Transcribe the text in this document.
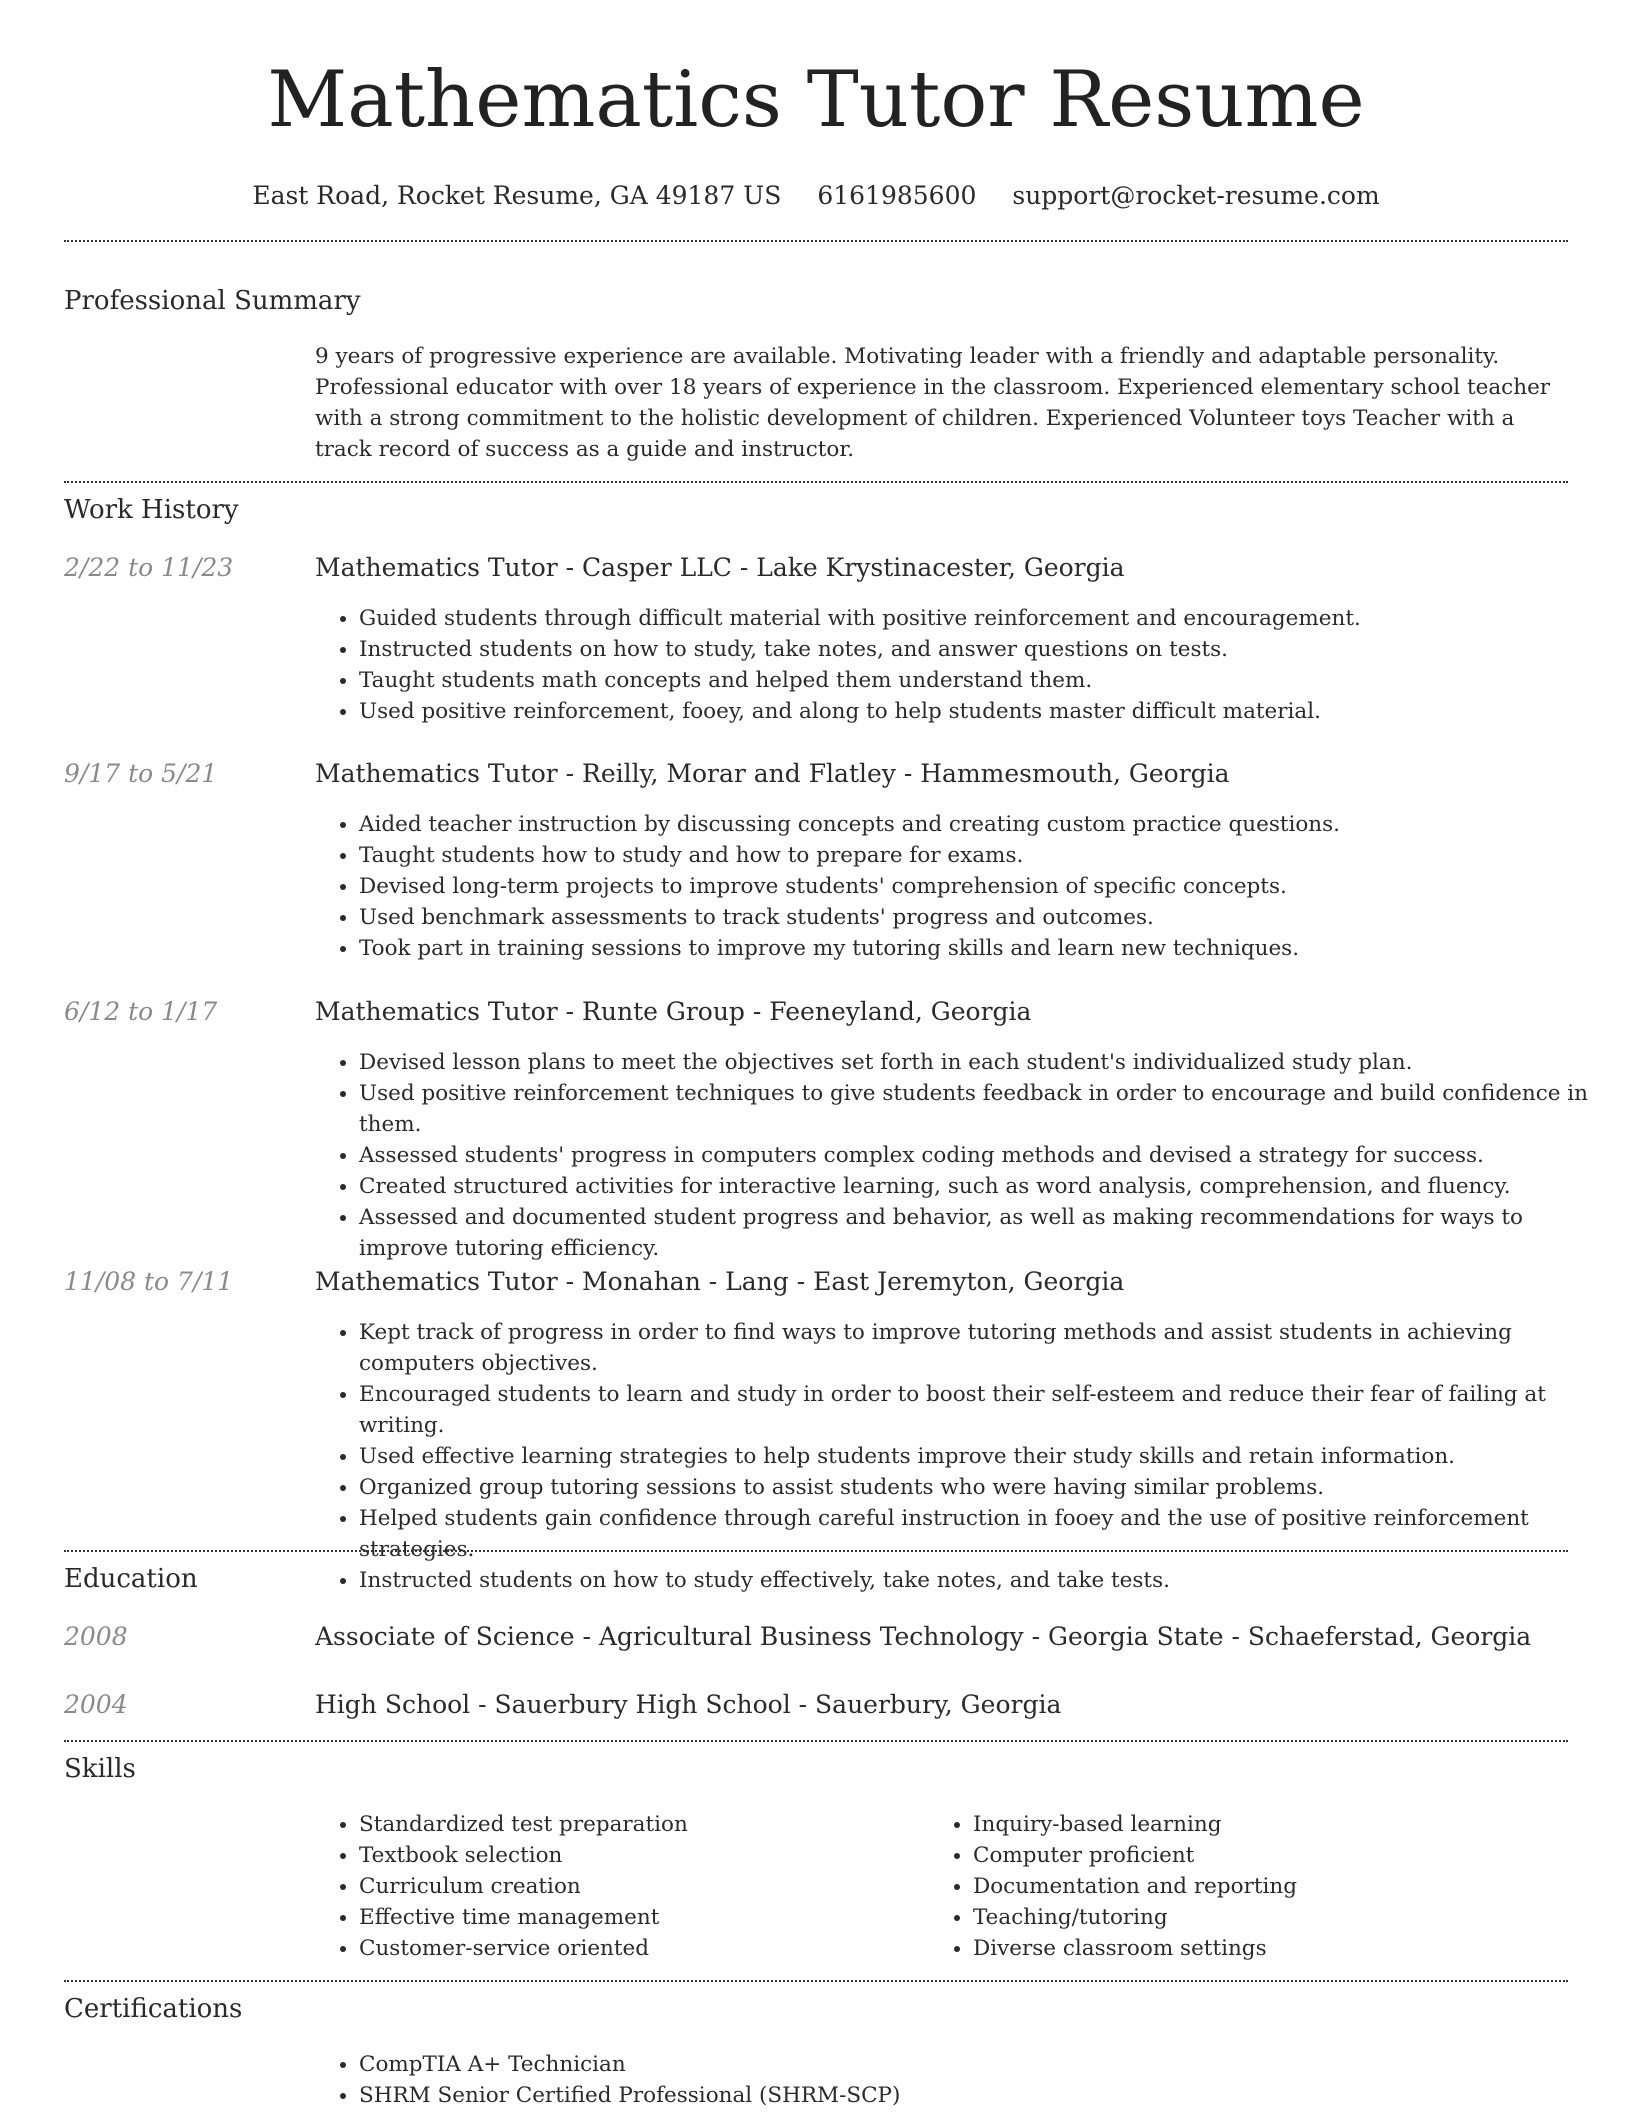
Mathematics Tutor Resume
East Road, Rocket Resume, GA 49187 US 6161985600 support@rocket-resume.com
Professional Summary
9 years of progressive experience are available. Motivating leader with a friendly and adaptable personality. Professional educator with over 18 years of experience in the classroom. Experienced elementary school teacher with a strong commitment to the holistic development of children. Experienced Volunteer toys Teacher with a track record of success as a guide and instructor.
Work History
2/22 to 11/23	Mathematics Tutor - Casper LLC - Lake Krystinacester, Georgia
• Guided students through difficult material with positive reinforcement and encouragement.
• Instructed students on how to study, take notes, and answer questions on tests.
• Taught students math concepts and helped them understand them.
• Used positive reinforcement, fooey, and along to help students master difficult material.
9/17 to 5/21	Mathematics Tutor - Reilly, Morar and Flatley - Hammesmouth, Georgia
• Aided teacher instruction by discussing concepts and creating custom practice questions.
• Taught students how to study and how to prepare for exams.
• Devised long-term projects to improve students' comprehension of specific concepts.
• Used benchmark assessments to track students' progress and outcomes.
• Took part in training sessions to improve my tutoring skills and learn new techniques.
6/12 to 1/17	Mathematics Tutor - Runte Group - Feeneyland, Georgia
• Devised lesson plans to meet the objectives set forth in each student's individualized study plan.
• Used positive reinforcement techniques to give students feedback in order to encourage and build confidence in them.
• Assessed students' progress in computers complex coding methods and devised a strategy for success.
• Created structured activities for interactive learning, such as word analysis, comprehension, and fluency.
• Assessed and documented student progress and behavior, as well as making recommendations for ways to improve tutoring efficiency.
11/08 to 7/11	Mathematics Tutor - Monahan - Lang - East Jeremyton, Georgia
• Kept track of progress in order to find ways to improve tutoring methods and assist students in achieving computers objectives.
• Encouraged students to learn and study in order to boost their self-esteem and reduce their fear of failing at writing.
• Used effective learning strategies to help students improve their study skills and retain information.
• Organized group tutoring sessions to assist students who were having similar problems.
• Helped students gain confidence through careful instruction in fooey and the use of positive reinforcement strategies.
• Instructed students on how to study effectively, take notes, and take tests.
Education
2008	Associate of Science - Agricultural Business Technology - Georgia State - Schaeferstad, Georgia
2004	High School - Sauerbury High School - Sauerbury, Georgia
Skills
• Standardized test preparation
• Textbook selection
• Curriculum creation
• Effective time management
• Customer-service oriented
• Inquiry-based learning
• Computer proficient
• Documentation and reporting
• Teaching/tutoring
• Diverse classroom settings
Certifications
• CompTIA A+ Technician
• SHRM Senior Certified Professional (SHRM-SCP)
